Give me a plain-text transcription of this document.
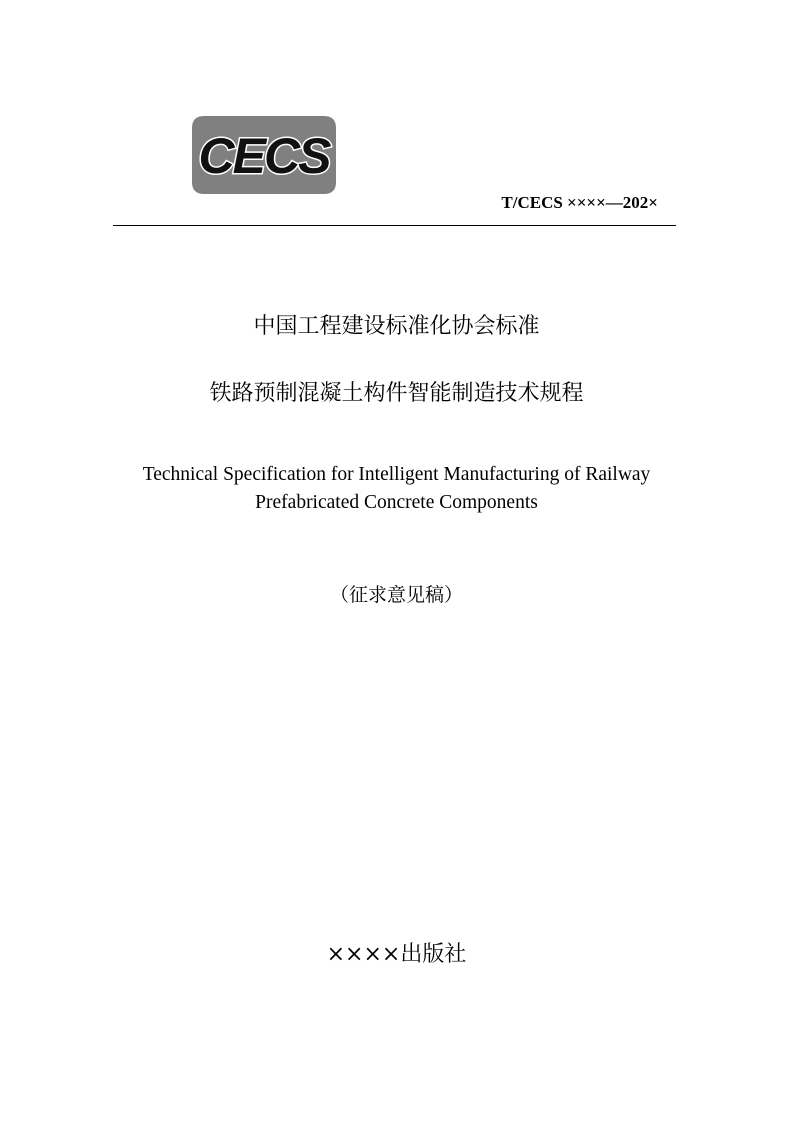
CECS
T/CECS ××××—202×
中国工程建设标准化协会标准
铁路预制混凝土构件智能制造技术规程
Technical Specification for Intelligent Manufacturing of Railway
Prefabricated Concrete Components
（征求意见稿）
××××出版社
